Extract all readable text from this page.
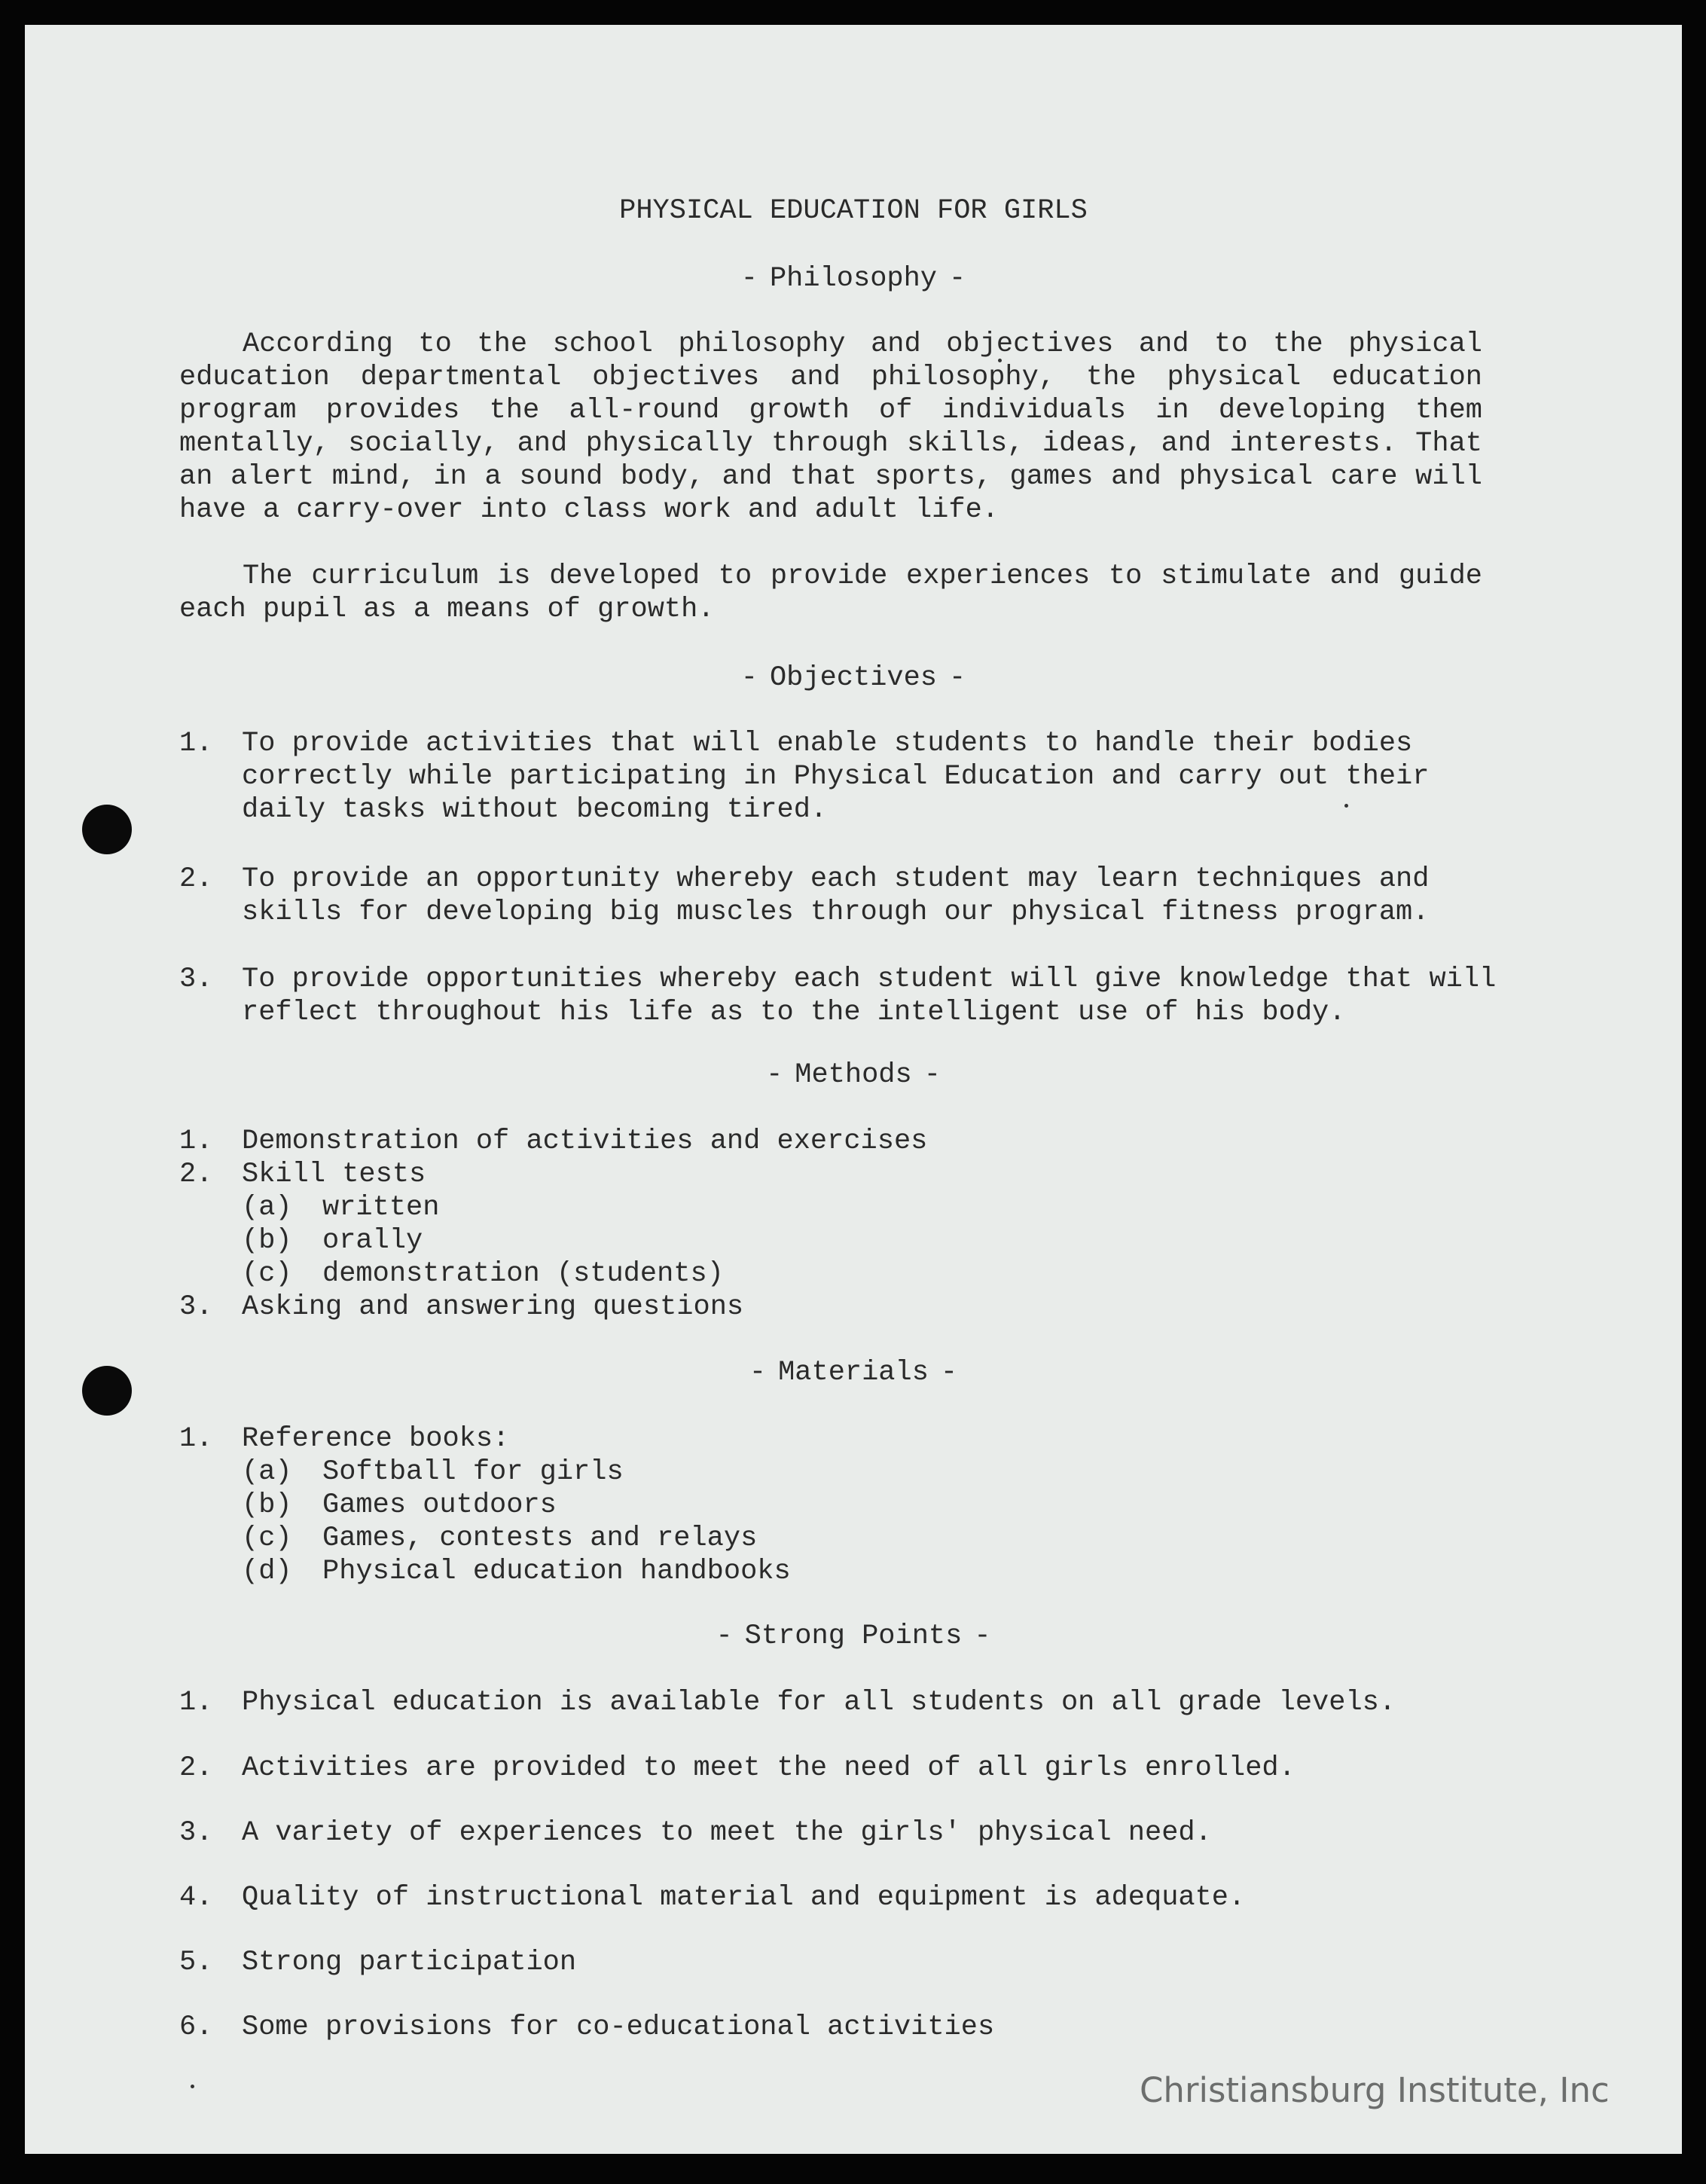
PHYSICAL EDUCATION FOR GIRLS
- Philosophy -
According to the school philosophy and objectives and to the physical education departmental objectives and philosophy, the physical education program provides the all-round growth of individuals in developing them mentally, socially, and physically through skills, ideas, and interests. That an alert mind, in a sound body, and that sports, games and physical care will have a carry-over into class work and adult life.
The curriculum is developed to provide experiences to stimulate and guide each pupil as a means of growth.
- Objectives -
1.	To provide activities that will enable students to handle their bodies correctly while participating in Physical Education and carry out their daily tasks without becoming tired.
2.	To provide an opportunity whereby each student may learn techniques and skills for developing big muscles through our physical fitness program.
3.	To provide opportunities whereby each student will give knowledge that will reflect throughout his life as to the intelligent use of his body.
- Methods -
1.	Demonstration of activities and exercises
2.	Skill tests
(a) written
(b) orally
(c) demonstration (students)
3.	Asking and answering questions
- Materials -
1.	Reference books:
(a) Softball for girls
(b) Games outdoors
(c) Games, contests and relays
(d) Physical education handbooks
- Strong Points -
1.	Physical education is available for all students on all grade levels.
2.	Activities are provided to meet the need of all girls enrolled.
3.	A variety of experiences to meet the girls' physical need.
4.	Quality of instructional material and equipment is adequate.
5.	Strong participation
6.	Some provisions for co-educational activities
Christiansburg Institute, Inc
